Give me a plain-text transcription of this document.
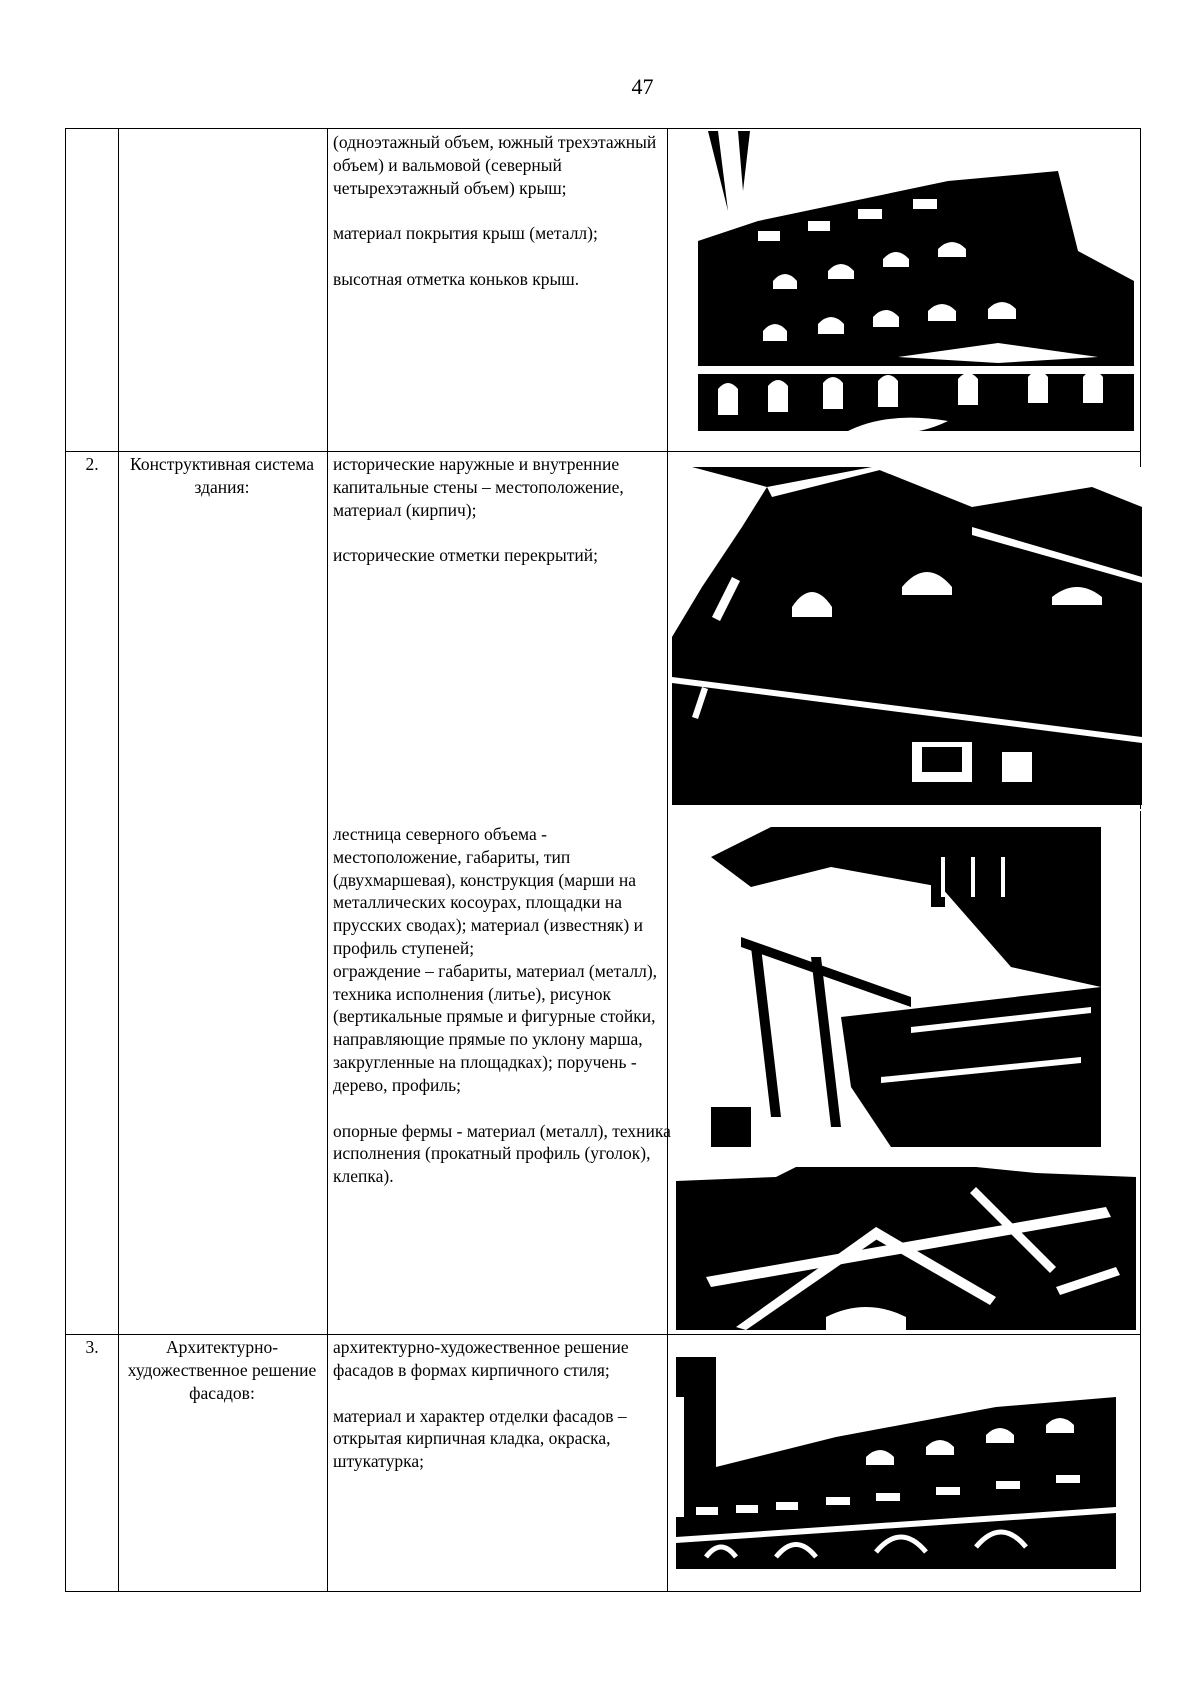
47

(одноэтажный объем, южный трехэтажный объем) и вальмовой (северный четырехэтажный объем) крыш;

материал покрытия крыш (металл);

высотная отметка коньков крыш.

2.	Конструктивная система здания:

исторические наружные и внутренние капитальные стены – местоположение, материал (кирпич);

исторические отметки перекрытий;

лестница северного объема - местоположение, габариты, тип (двухмаршевая), конструкция (марши на металлических косоурах, площадки на прусских сводах); материал (известняк) и профиль ступеней;

ограждение – габариты, материал (металл), техника исполнения (литье), рисунок (вертикальные прямые и фигурные стойки, направляющие прямые по уклону марша, закругленные на площадках); поручень - дерево, профиль;

опорные фермы - материал (металл), техника исполнения (прокатный профиль (уголок), клепка).

3.	Архитектурно-художественное решение фасадов:

архитектурно-художественное решение фасадов в формах кирпичного стиля;

материал и характер отделки фасадов – открытая кирпичная кладка, окраска, штукатурка;
